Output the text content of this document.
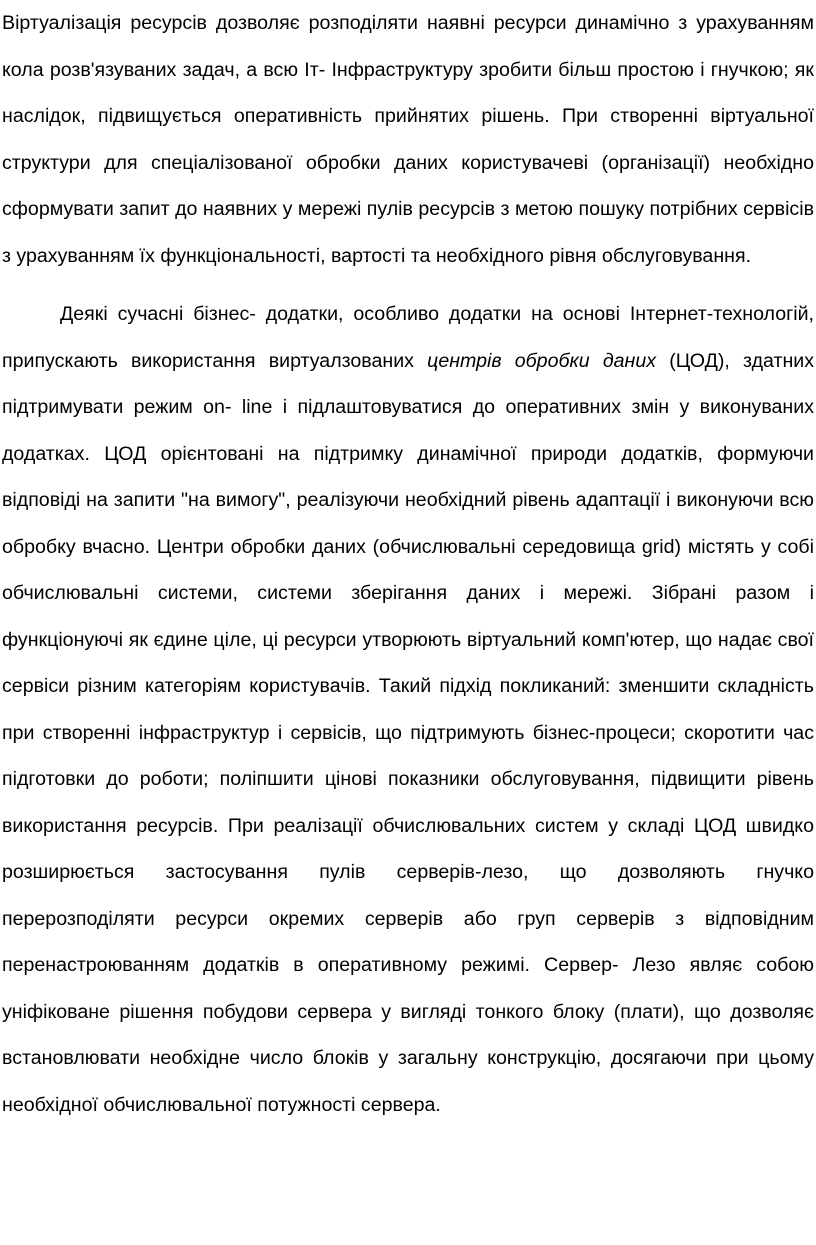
Віртуалізація ресурсів дозволяє розподіляти наявні ресурси динамічно з урахуванням кола розв'язуваних задач, а всю Іт- Інфраструктуру зробити більш простою і гнучкою; як наслідок, підвищується оперативність прийнятих рішень. При створенні віртуальної структури для спеціалізованої обробки даних користувачеві (організації) необхідно сформувати запит до наявних у мережі пулів ресурсів з метою пошуку потрібних сервісів з урахуванням їх функціональності, вартості та необхідного рівня обслуговування.

Деякі сучасні бізнес- додатки, особливо додатки на основі Інтернет-технологій, припускають використання виртуалзованих центрів обробки даних (ЦОД), здатних підтримувати режим on- line і підлаштовуватися до оперативних змін у виконуваних додатках. ЦОД орієнтовані на підтримку динамічної природи додатків, формуючи відповіді на запити "на вимогу", реалізуючи необхідний рівень адаптації і виконуючи всю обробку вчасно. Центри обробки даних (обчислювальні середовища grid) містять у собі обчислювальні системи, системи зберігання даних і мережі. Зібрані разом і функціонуючі як єдине ціле, ці ресурси утворюють віртуальний комп'ютер, що надає свої сервіси різним категоріям користувачів. Такий підхід покликаний: зменшити складність при створенні інфраструктур і сервісів, що підтримують бізнес-процеси; скоротити час підготовки до роботи; поліпшити цінові показники обслуговування, підвищити рівень використання ресурсів. При реалізації обчислювальних систем у складі ЦОД швидко розширюється застосування пулів серверів-лезо, що дозволяють гнучко перерозподіляти ресурси окремих серверів або груп серверів з відповідним перенастроюванням додатків в оперативному режимі. Сервер- Лезо являє собою уніфіковане рішення побудови сервера у вигляді тонкого блоку (плати), що дозволяє встановлювати необхідне число блоків у загальну конструкцію, досягаючи при цьому необхідної обчислювальної потужності сервера.
